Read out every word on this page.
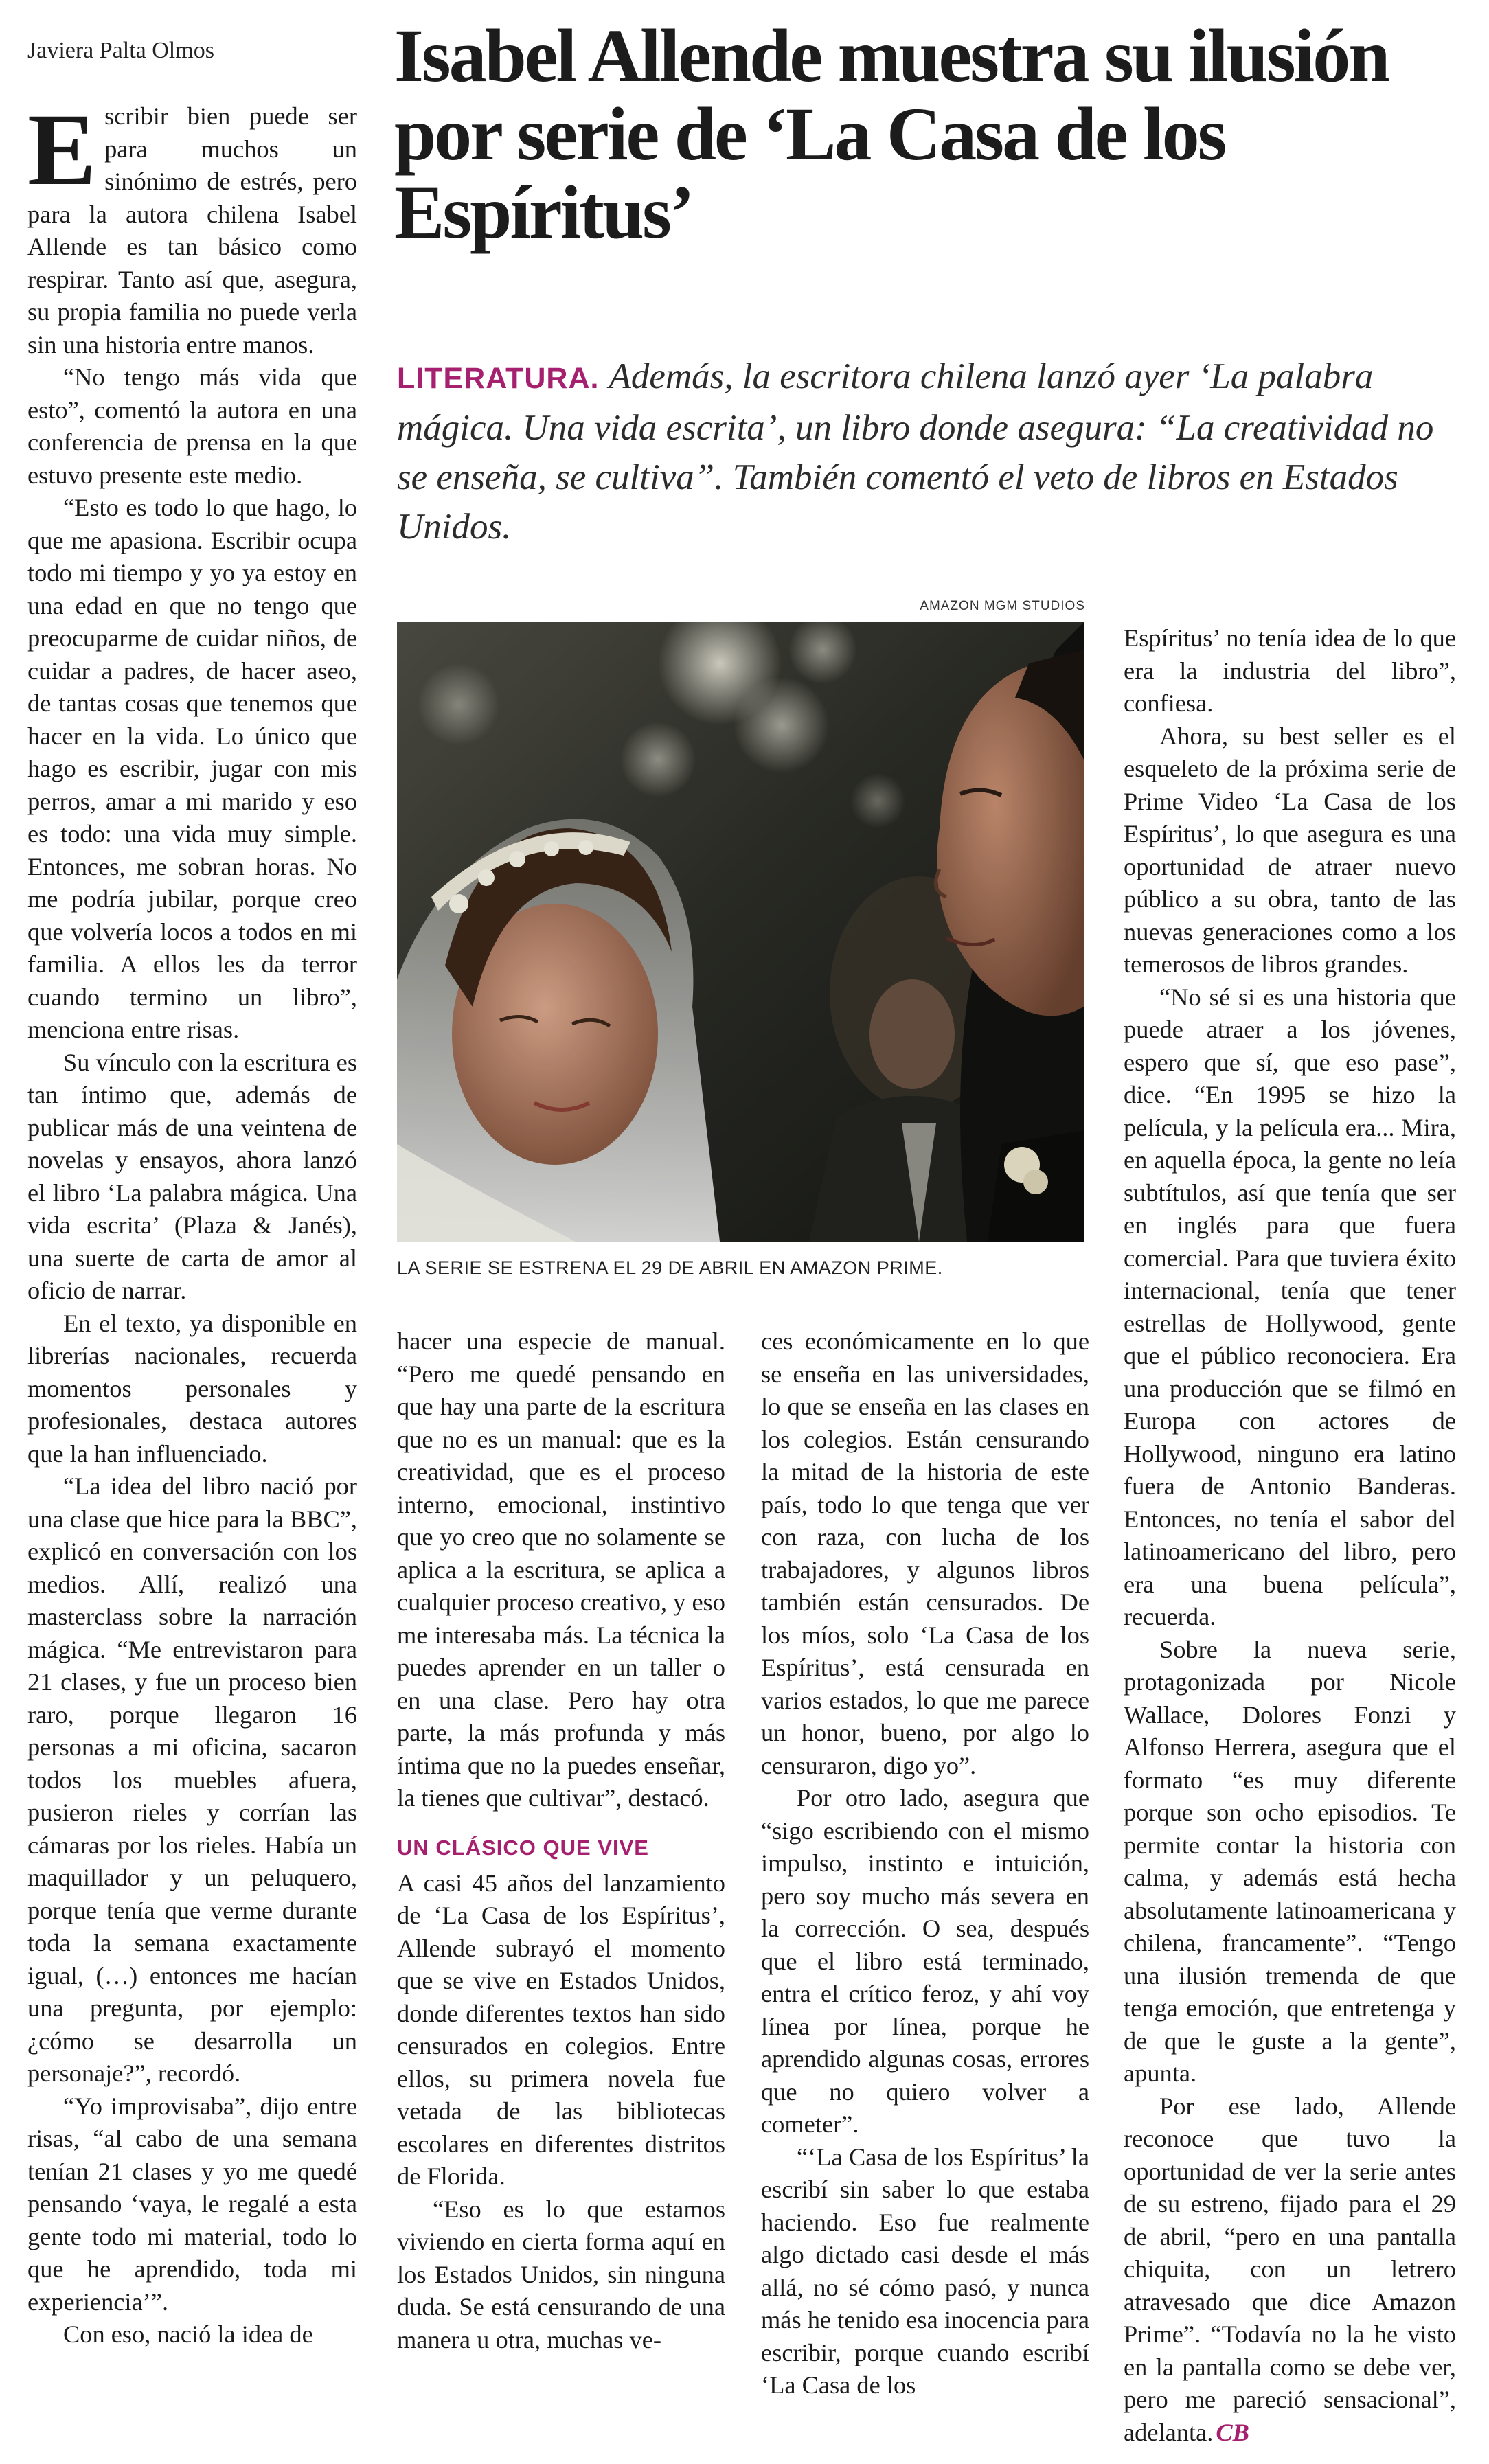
Javiera Palta Olmos	Isabel Allende muestra su ilusión por serie de ‘La Casa de los Espíritus’

LITERATURA. Además, la escritora chilena lanzó ayer ‘La palabra mágica. Una vida escrita’, un libro donde asegura: “La creatividad no se enseña, se cultiva”. También comentó el veto de libros en Estados Unidos.

AMAZON MGM STUDIOS
LA SERIE SE ESTRENA EL 29 DE ABRIL EN AMAZON PRIME.

Escribir bien puede ser para muchos un sinónimo de estrés, pero para la autora chilena Isabel Allende es tan básico como respirar. Tanto así que, asegura, su propia familia no puede verla sin una historia entre manos.

“No tengo más vida que esto”, comentó la autora en una conferencia de prensa en la que estuvo presente este medio.

“Esto es todo lo que hago, lo que me apasiona. Escribir ocupa todo mi tiempo y yo ya estoy en una edad en que no tengo que preocuparme de cuidar niños, de cuidar a padres, de hacer aseo, de tantas cosas que tenemos que hacer en la vida. Lo único que hago es escribir, jugar con mis perros, amar a mi marido y eso es todo: una vida muy simple. Entonces, me sobran horas. No me podría jubilar, porque creo que volvería locos a todos en mi familia. A ellos les da terror cuando termino un libro”, menciona entre risas.

Su vínculo con la escritura es tan íntimo que, además de publicar más de una veintena de novelas y ensayos, ahora lanzó el libro ‘La palabra mágica. Una vida escrita’ (Plaza & Janés), una suerte de carta de amor al oficio de narrar.

En el texto, ya disponible en librerías nacionales, recuerda momentos personales y profesionales, destaca autores que la han influenciado.

“La idea del libro nació por una clase que hice para la BBC”, explicó en conversación con los medios. Allí, realizó una masterclass sobre la narración mágica. “Me entrevistaron para 21 clases, y fue un proceso bien raro, porque llegaron 16 personas a mi oficina, sacaron todos los muebles afuera, pusieron rieles y corrían las cámaras por los rieles. Había un maquillador y un peluquero, porque tenía que verme durante toda la semana exactamente igual, (…) entonces me hacían una pregunta, por ejemplo: ¿cómo se desarrolla un personaje?”, recordó.

“Yo improvisaba”, dijo entre risas, “al cabo de una semana tenían 21 clases y yo me quedé pensando ‘vaya, le regalé a esta gente todo mi material, todo lo que he aprendido, toda mi experiencia’”.

Con eso, nació la idea de

hacer una especie de manual. “Pero me quedé pensando en que hay una parte de la escritura que no es un manual: que es la creatividad, que es el proceso interno, emocional, instintivo que yo creo que no solamente se aplica a la escritura, se aplica a cualquier proceso creativo, y eso me interesaba más. La técnica la puedes aprender en un taller o en una clase. Pero hay otra parte, la más profunda y más íntima que no la puedes enseñar, la tienes que cultivar”, destacó.

UN CLÁSICO QUE VIVE

A casi 45 años del lanzamiento de ‘La Casa de los Espíritus’, Allende subrayó el momento que se vive en Estados Unidos, donde diferentes textos han sido censurados en colegios. Entre ellos, su primera novela fue vetada de las bibliotecas escolares en diferentes distritos de Florida.

“Eso es lo que estamos viviendo en cierta forma aquí en los Estados Unidos, sin ninguna duda. Se está censurando de una manera u otra, muchas ve-

ces económicamente en lo que se enseña en las universidades, lo que se enseña en las clases en los colegios. Están censurando la mitad de la historia de este país, todo lo que tenga que ver con raza, con lucha de los trabajadores, y algunos libros también están censurados. De los míos, solo ‘La Casa de los Espíritus’, está censurada en varios estados, lo que me parece un honor, bueno, por algo lo censuraron, digo yo”.

Por otro lado, asegura que “sigo escribiendo con el mismo impulso, instinto e intuición, pero soy mucho más severa en la corrección. O sea, después que el libro está terminado, entra el crítico feroz, y ahí voy línea por línea, porque he aprendido algunas cosas, errores que no quiero volver a cometer”.

“‘La Casa de los Espíritus’ la escribí sin saber lo que estaba haciendo. Eso fue realmente algo dictado casi desde el más allá, no sé cómo pasó, y nunca más he tenido esa inocencia para escribir, porque cuando escribí ‘La Casa de los

Espíritus’ no tenía idea de lo que era la industria del libro”, confiesa.

Ahora, su best seller es el esqueleto de la próxima serie de Prime Video ‘La Casa de los Espíritus’, lo que asegura es una oportunidad de atraer nuevo público a su obra, tanto de las nuevas generaciones como a los temerosos de libros grandes.

“No sé si es una historia que puede atraer a los jóvenes, espero que sí, que eso pase”, dice. “En 1995 se hizo la película, y la película era... Mira, en aquella época, la gente no leía subtítulos, así que tenía que ser en inglés para que fuera comercial. Para que tuviera éxito internacional, tenía que tener estrellas de Hollywood, gente que el público reconociera. Era una producción que se filmó en Europa con actores de Hollywood, ninguno era latino fuera de Antonio Banderas. Entonces, no tenía el sabor del latinoamericano del libro, pero era una buena película”, recuerda.

Sobre la nueva serie, protagonizada por Nicole Wallace, Dolores Fonzi y Alfonso Herrera, asegura que el formato “es muy diferente porque son ocho episodios. Te permite contar la historia con calma, y además está hecha absolutamente latinoamericana y chilena, francamente”. “Tengo una ilusión tremenda de que tenga emoción, que entretenga y de que le guste a la gente”, apunta.

Por ese lado, Allende reconoce que tuvo la oportunidad de ver la serie antes de su estreno, fijado para el 29 de abril, “pero en una pantalla chiquita, con un letrero atravesado que dice Amazon Prime”. “Todavía no la he visto en la pantalla como se debe ver, pero me pareció sensacional”, adelanta. CB
